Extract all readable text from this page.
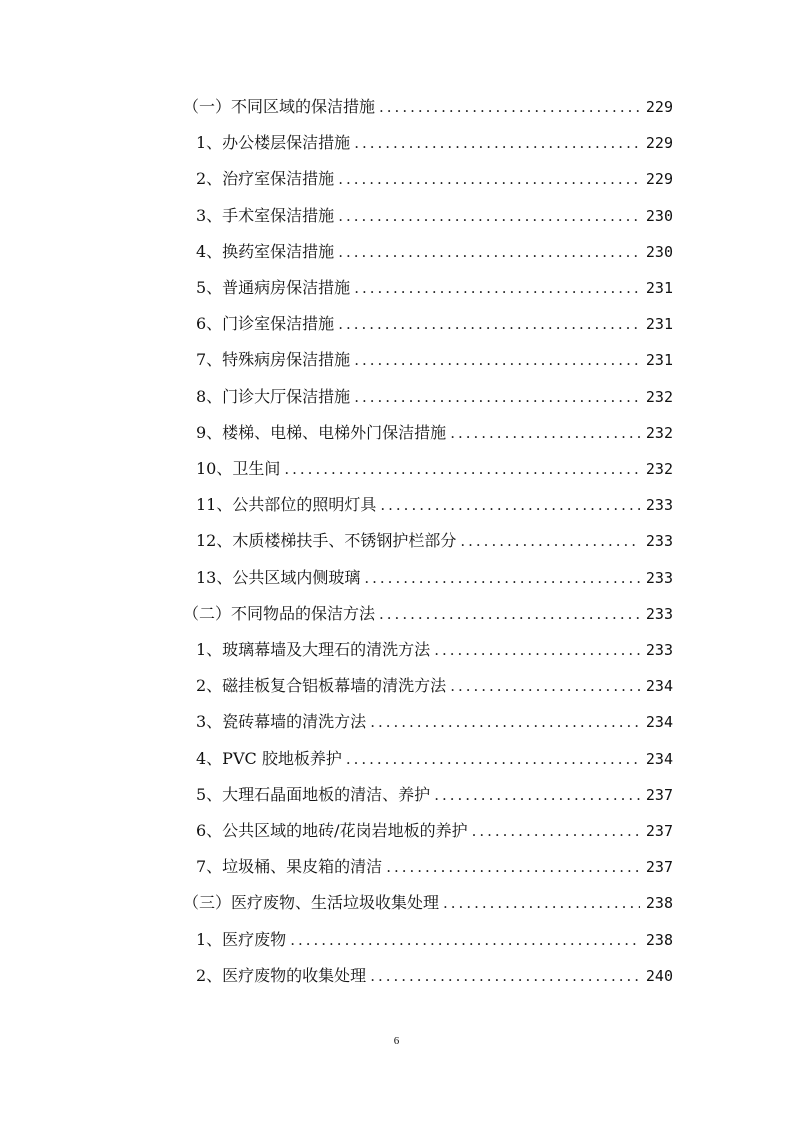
（一）不同区域的保洁措施 .....	229
1、办公楼层保洁措施 .....	229
2、治疗室保洁措施 .....	229
3、手术室保洁措施 .....	230
4、换药室保洁措施 .....	230
5、普通病房保洁措施 .....	231
6、门诊室保洁措施 .....	231
7、特殊病房保洁措施 .....	231
8、门诊大厅保洁措施 .....	232
9、楼梯、电梯、电梯外门保洁措施 .....	232
10、卫生间 .....	232
11、公共部位的照明灯具 .....	233
12、木质楼梯扶手、不锈钢护栏部分 .....	233
13、公共区域内侧玻璃 .....	233
（二）不同物品的保洁方法 .....	233
1、玻璃幕墙及大理石的清洗方法 .....	233
2、磁挂板复合铝板幕墙的清洗方法 .....	234
3、瓷砖幕墙的清洗方法 .....	234
4、PVC 胶地板养护 .....	234
5、大理石晶面地板的清洁、养护 .....	237
6、公共区域的地砖/花岗岩地板的养护 .....	237
7、垃圾桶、果皮箱的清洁 .....	237
（三）医疗废物、生活垃圾收集处理 .....	238
1、医疗废物 .....	238
2、医疗废物的收集处理 .....	240
6
